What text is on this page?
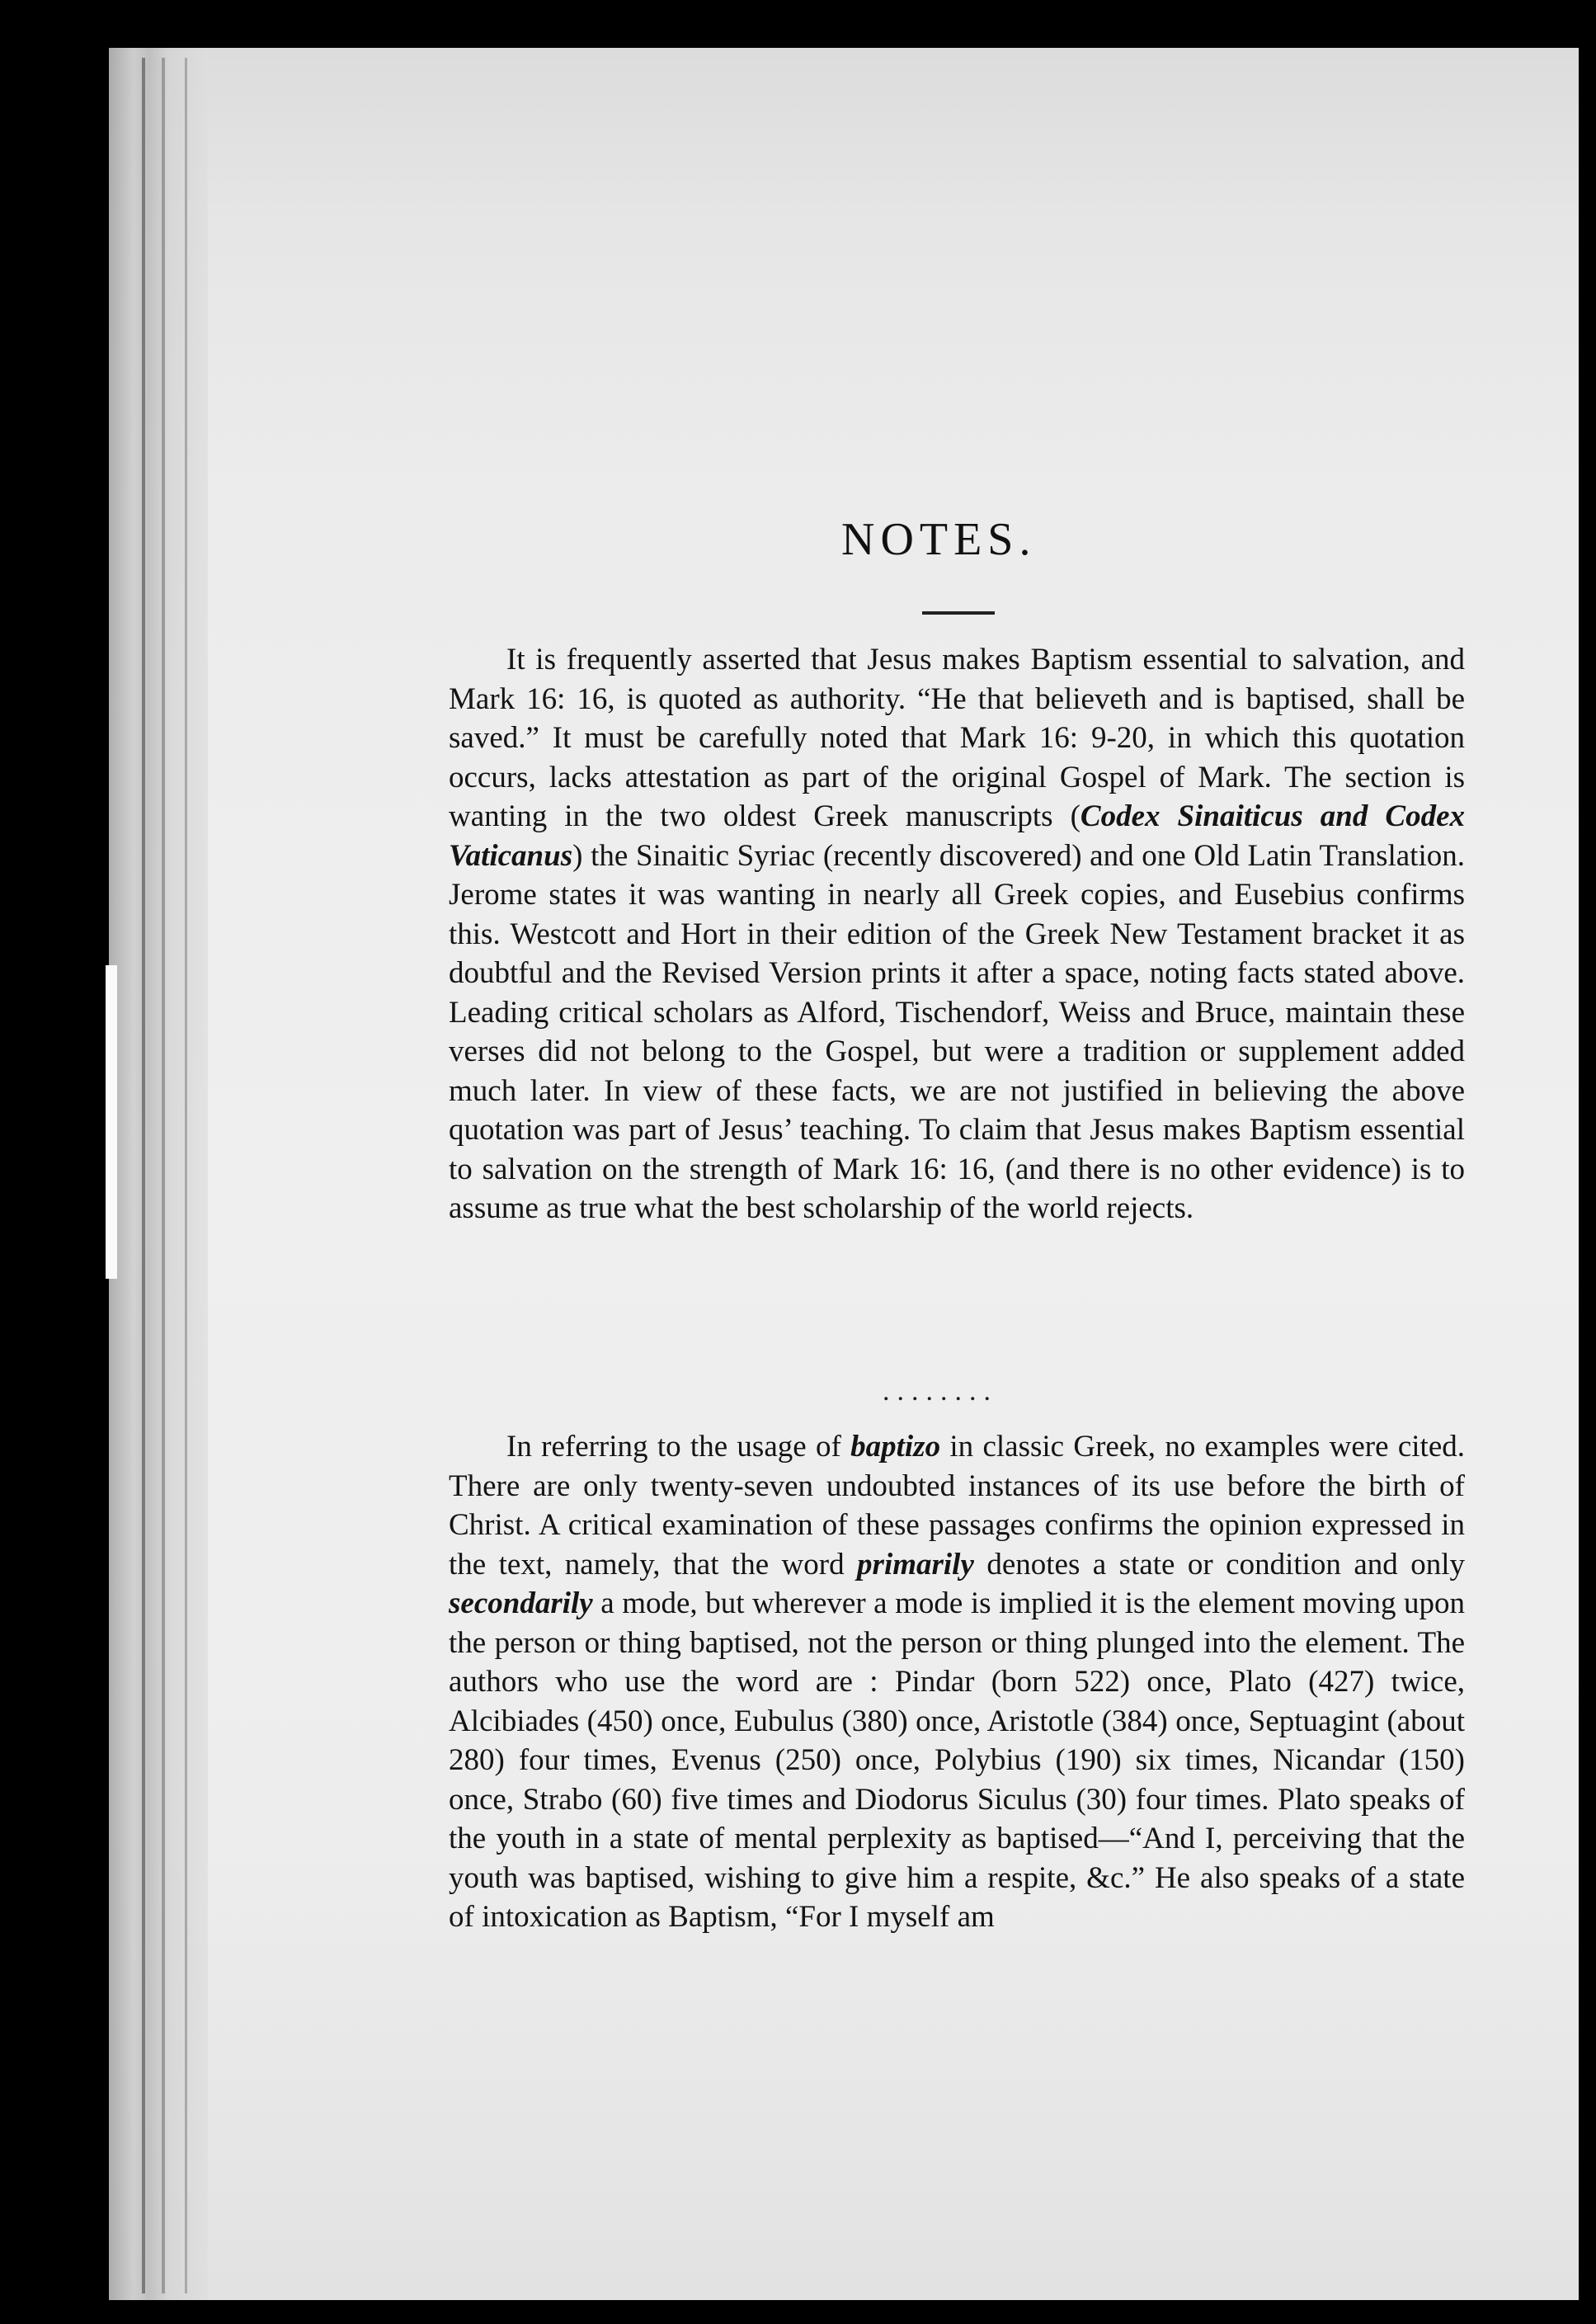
NOTES.

It is frequently asserted that Jesus makes Baptism essential to salvation, and Mark 16: 16, is quoted as authority. “He that believeth and is baptised, shall be saved.” It must be carefully noted that Mark 16: 9-20, in which this quotation occurs, lacks attestation as part of the original Gospel of Mark. The section is wanting in the two oldest Greek manuscripts (Codex Sinaiticus and Codex Vaticanus) the Sinaitic Syriac (recently discovered) and one Old Latin Translation. Jerome states it was wanting in nearly all Greek copies, and Eusebius confirms this. Westcott and Hort in their edition of the Greek New Testament bracket it as doubtful and the Revised Version prints it after a space, noting facts stated above. Leading critical scholars as Alford, Tischendorf, Weiss and Bruce, maintain these verses did not belong to the Gospel, but were a tradition or supplement added much later. In view of these facts, we are not justified in believing the above quotation was part of Jesus’ teaching. To claim that Jesus makes Baptism essential to salvation on the strength of Mark 16: 16, (and there is no other evidence) is to assume as true what the best scholarship of the world rejects.

........

In referring to the usage of baptizo in classic Greek, no examples were cited. There are only twenty-seven undoubted instances of its use before the birth of Christ. A critical examination of these passages confirms the opinion expressed in the text, namely, that the word primarily denotes a state or condition and only secondarily a mode, but wherever a mode is implied it is the element moving upon the person or thing baptised, not the person or thing plunged into the element. The authors who use the word are : Pindar (born 522) once, Plato (427) twice, Alcibiades (450) once, Eubulus (380) once, Aristotle (384) once, Septuagint (about 280) four times, Evenus (250) once, Polybius (190) six times, Nicandar (150) once, Strabo (60) five times and Diodorus Siculus (30) four times. Plato speaks of the youth in a state of mental perplexity as baptised—“And I, perceiving that the youth was baptised, wishing to give him a respite, &c.” He also speaks of a state of intoxication as Baptism, “For I myself am
